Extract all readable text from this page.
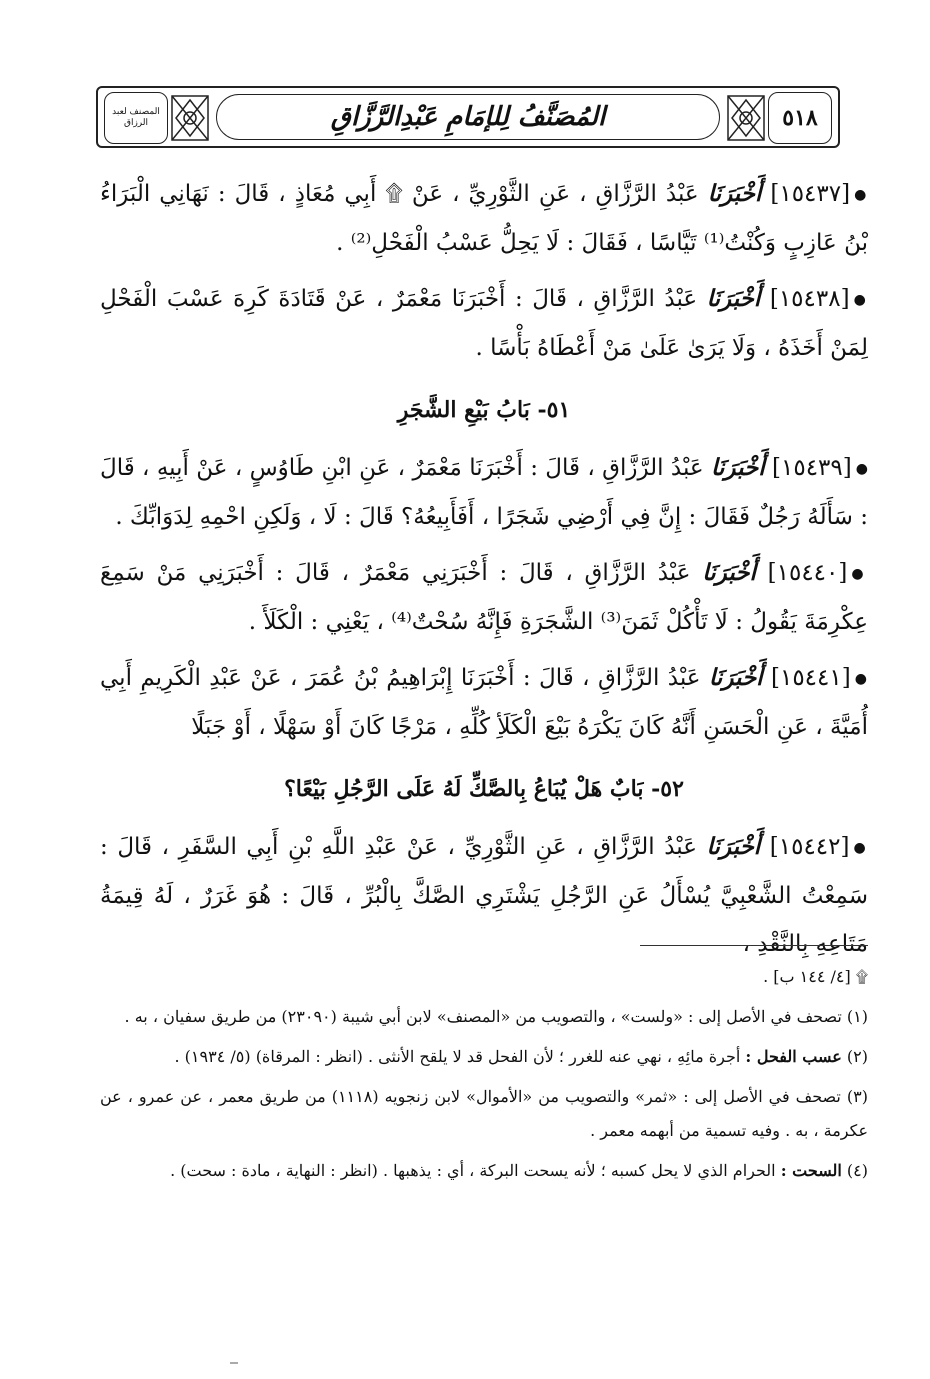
٥١٨
المُصَنَّفُ لِلإمَامِ عَبْدِالرَّزَّاقِ
المصنف لعبد الرزاق

●[١٥٤٣٧] أَخْبَرَنَا عَبْدُ الرَّزَّاقِ ، عَنِ الثَّوْرِيِّ ، عَنْ ۩ أَبِي مُعَاذٍ ، قَالَ : نَهَانِي الْبَرَاءُ بْنُ عَازِبٍ وَكُنْتُ⁽¹⁾ تَيَّاسًا ، فَقَالَ : لَا يَحِلُّ عَسْبُ الْفَحْلِ⁽²⁾ .

●[١٥٤٣٨] أَخْبَرَنَا عَبْدُ الرَّزَّاقِ ، قَالَ : أَخْبَرَنَا مَعْمَرٌ ، عَنْ قَتَادَةَ كَرِهَ عَسْبَ الْفَحْلِ لِمَنْ أَخَذَهُ ، وَلَا يَرَىٰ عَلَىٰ مَنْ أَعْطَاهُ بَأْسًا .

٥١- بَابُ بَيْعِ الشَّجَرِ

●[١٥٤٣٩] أَخْبَرَنَا عَبْدُ الرَّزَّاقِ ، قَالَ : أَخْبَرَنَا مَعْمَرٌ ، عَنِ ابْنِ طَاوُسٍ ، عَنْ أَبِيهِ ، قَالَ : سَأَلَهُ رَجُلٌ فَقَالَ : إِنَّ فِي أَرْضِي شَجَرًا ، أَفَأَبِيعُهُ؟ قَالَ : لَا ، وَلَكِنِ احْمِهِ لِدَوَابِّكَ .

●[١٥٤٤٠] أَخْبَرَنَا عَبْدُ الرَّزَّاقِ ، قَالَ : أَخْبَرَنِي مَعْمَرٌ ، قَالَ : أَخْبَرَنِي مَنْ سَمِعَ عِكْرِمَةَ يَقُولُ : لَا تَأْكُلْ ثَمَنَ⁽³⁾ الشَّجَرَةِ فَإِنَّهُ سُحْتٌ⁽⁴⁾ ، يَعْنِي : الْكَلَأَ .

●[١٥٤٤١] أَخْبَرَنَا عَبْدُ الرَّزَّاقِ ، قَالَ : أَخْبَرَنَا إِبْرَاهِيمُ بْنُ عُمَرَ ، عَنْ عَبْدِ الْكَرِيمِ أَبِي أُمَيَّةَ ، عَنِ الْحَسَنِ أَنَّهُ كَانَ يَكْرَهُ بَيْعَ الْكَلَأِ كُلِّهِ ، مَرْجًا كَانَ أَوْ سَهْلًا ، أَوْ جَبَلًا

٥٢- بَابٌ هَلْ يُبَاعُ بِالصَّكِّ لَهُ عَلَى الرَّجُلِ بَيْعًا؟

●[١٥٤٤٢] أَخْبَرَنَا عَبْدُ الرَّزَّاقِ ، عَنِ الثَّوْرِيِّ ، عَنْ عَبْدِ اللَّهِ بْنِ أَبِي السَّفَرِ ، قَالَ : سَمِعْتُ الشَّعْبِيَّ يُسْأَلُ عَنِ الرَّجُلِ يَشْتَرِي الصَّكَّ بِالْبُرِّ ، قَالَ : هُوَ غَرَرٌ ، لَهُ قِيمَةُ مَتَاعِهِ بِالنَّقْدِ ،

۩ [٤/ ١٤٤ ب] .

(١) تصحف في الأصل إلى : «ولست» ، والتصويب من «المصنف» لابن أبي شيبة (٢٣٠٩٠) من طريق سفيان ، به .

(٢) عسب الفحل : أجرة مائِهِ ، نهي عنه للغرر ؛ لأن الفحل قد لا يلقح الأنثى . (انظر : المرقاة) (٥/ ١٩٣٤) .

(٣) تصحف في الأصل إلى : «ثمر» والتصويب من «الأموال» لابن زنجويه (١١١٨) من طريق معمر ، عن عمرو ، عن عكرمة ، به . وفيه تسمية من أبهمه معمر .

(٤) السحت : الحرام الذي لا يحل كسبه ؛ لأنه يسحت البركة ، أي : يذهبها . (انظر : النهاية ، مادة : سحت) .
